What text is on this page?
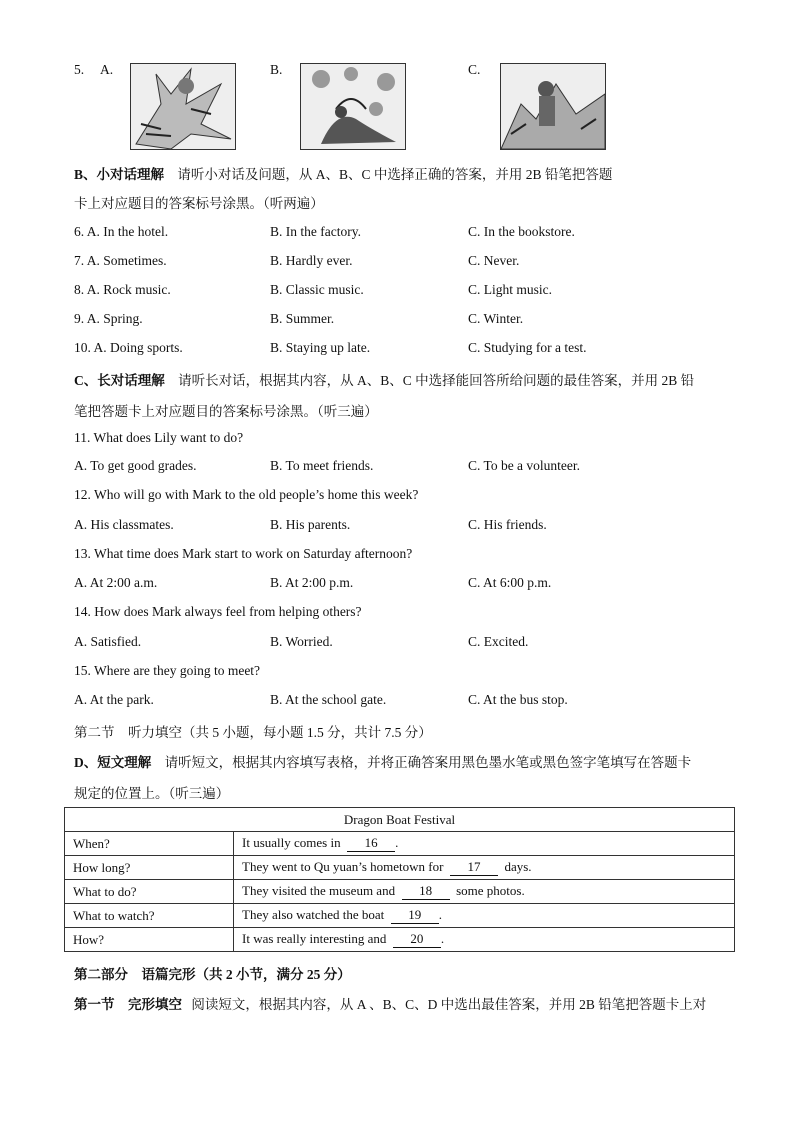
5. A.	B.	C.
B、小对话理解 请听小对话及问题，从 A、B、C 中选择正确的答案，并用 2B 铅笔把答题
卡上对应题目的答案标号涂黑。（听两遍）
6. A. In the hotel.	B. In the factory.	C. In the bookstore.
7. A. Sometimes.	B. Hardly ever.	C. Never.
8. A. Rock music.	B. Classic music.	C. Light music.
9. A. Spring.	B. Summer.	C. Winter.
10. A. Doing sports.	B. Staying up late.	C. Studying for a test.
C、长对话理解 请听长对话，根据其内容，从 A、B、C 中选择能回答所给问题的最佳答案，并用 2B 铅
笔把答题卡上对应题目的答案标号涂黑。（听三遍）
11. What does Lily want to do?
A. To get good grades.	B. To meet friends.	C. To be a volunteer.
12. Who will go with Mark to the old people’s home this week?
A. His classmates.	B. His parents.	C. His friends.
13. What time does Mark start to work on Saturday afternoon?
A. At 2:00 a.m.	B. At 2:00 p.m.	C. At 6:00 p.m.
14. How does Mark always feel from helping others?
A. Satisfied.	B. Worried.	C. Excited.
15. Where are they going to meet?
A. At the park.	B. At the school gate.	C. At the bus stop.
第二节　听力填空（共 5 小题，每小题 1.5 分，共计 7.5 分）
D、短文理解 请听短文，根据其内容填写表格，并将正确答案用黑色墨水笔或黑色签字笔填写在答题卡
规定的位置上。（听三遍）
Dragon Boat Festival	
When?	It usually comes in 16 .
How long?	They went to Qu yuan’s hometown for 17 days.
What to do?	They visited the museum and 18 some photos.
What to watch?	They also watched the boat 19 .
How?	It was really interesting and 20 .
第二部分　语篇完形（共 2 小节，满分 25 分）
第一节　完形填空 阅读短文，根据其内容，从 A 、B、C、D 中选出最佳答案，并用 2B 铅笔把答题卡上对
